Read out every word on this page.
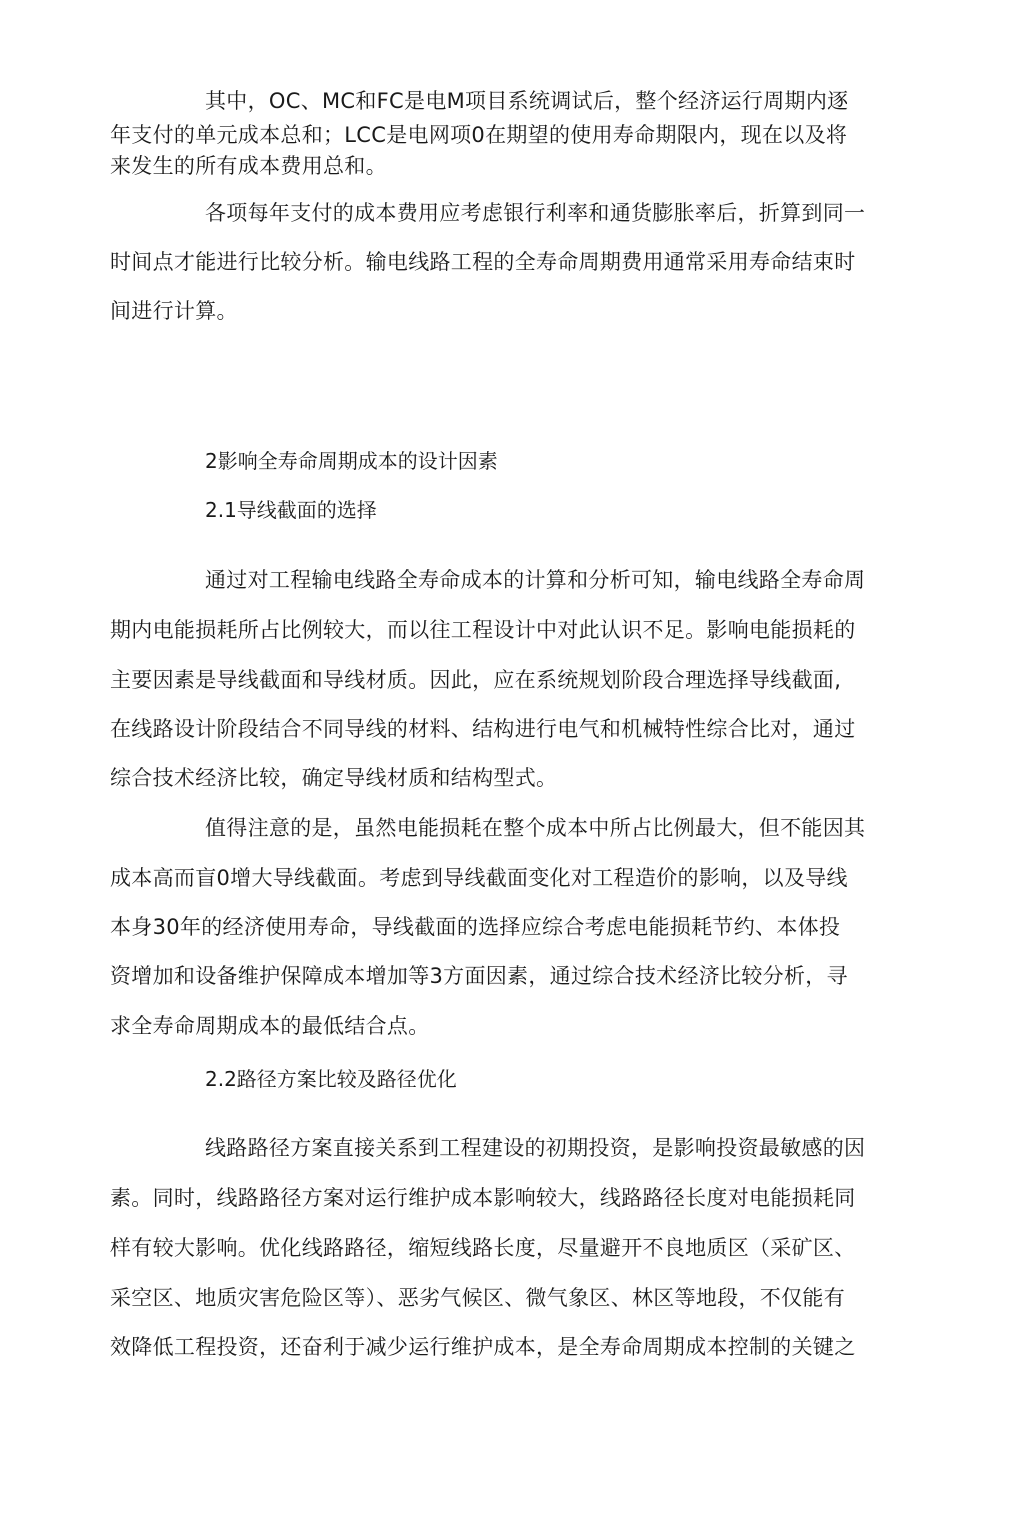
其中，OC、MC和FC是电M项目系统调试后，整个经济运行周期内逐
年支付的单元成本总和；LCC是电网项0在期望的使用寿命期限内，现在以及将
来发生的所有成本费用总和。
各项每年支付的成本费用应考虑银行利率和通货膨胀率后，折算到同一
时间点才能进行比较分析。输电线路工程的全寿命周期费用通常采用寿命结束时
间进行计算。
2影响全寿命周期成本的设计因素
2.1导线截面的选择
通过对工程输电线路全寿命成本的计算和分析可知，输电线路全寿命周
期内电能损耗所占比例较大，而以往工程设计中对此认识不足。影响电能损耗的
主要因素是导线截面和导线材质。因此，应在系统规划阶段合理选择导线截面,
在线路设计阶段结合不同导线的材料、结构进行电气和机械特性综合比对，通过
综合技术经济比较，确定导线材质和结构型式。
值得注意的是，虽然电能损耗在整个成本中所占比例最大，但不能因其
成本高而盲0增大导线截面。考虑到导线截面变化对工程造价的影响，以及导线
本身30年的经济使用寿命，导线截面的选择应综合考虑电能损耗节约、本体投
资增加和设备维护保障成本增加等3方面因素，通过综合技术经济比较分析，寻
求全寿命周期成本的最低结合点。
2.2路径方案比较及路径优化
线路路径方案直接关系到工程建设的初期投资，是影响投资最敏感的因
素。同时，线路路径方案对运行维护成本影响较大，线路路径长度对电能损耗同
样有较大影响。优化线路路径，缩短线路长度，尽量避开不良地质区（采矿区、
采空区、地质灾害危险区等）、恶劣气候区、微气象区、林区等地段，不仅能有
效降低工程投资，还奋利于减少运行维护成本，是全寿命周期成本控制的关键之
